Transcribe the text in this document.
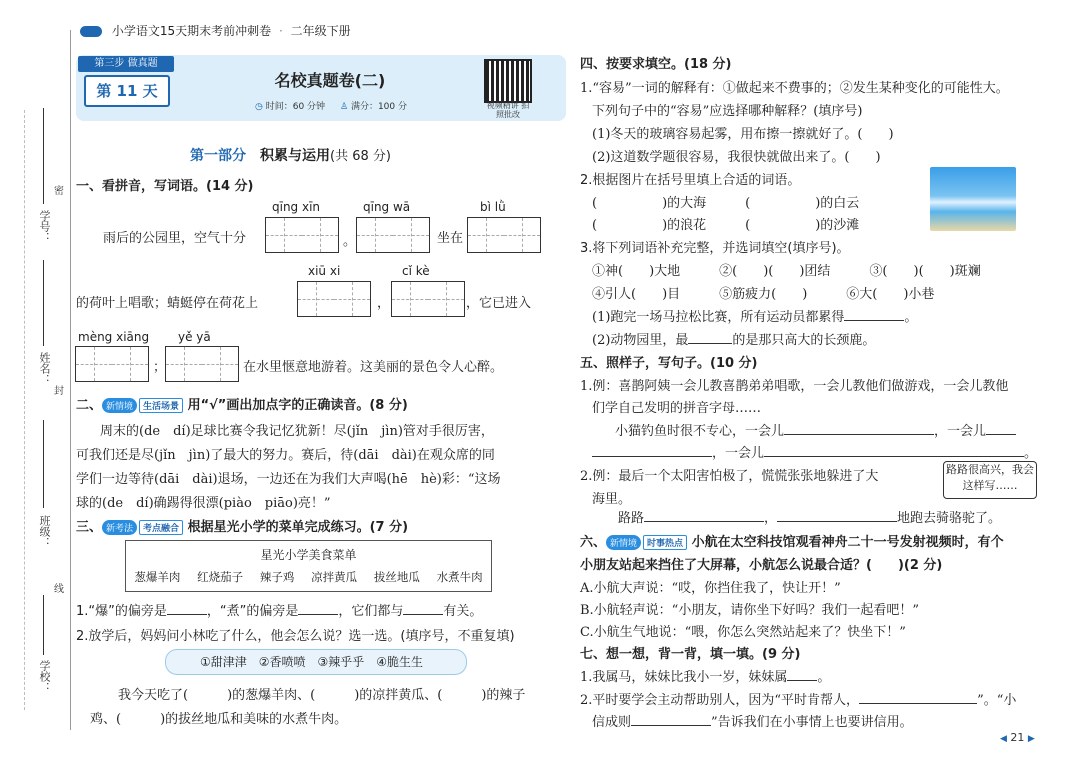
密
封
线
学号：
姓名：
班级：
学校：
小学语文15天期末考前冲刺卷 · 二年级下册
第三步 做真题
第 11 天
名校真题卷(二)
◷ 时间：60 分钟 ♙ 满分：100 分	视频精讲 拍照批改
第一部分 积累与运用(共 68 分)
一、看拼音，写词语。(14 分)
qīng xīn	qīng wā	bì lǜ
雨后的公园里，空气十分	。	坐在
xiū xi	cǐ kè
的荷叶上唱歌；蜻蜓停在荷花上	，	，它已进入
mèng xiāng yě yā
；	在水里惬意地游着。这美丽的景色令人心醉。
二、 新情境 生活场景 用“√”画出加点字的正确读音。(8 分)
周末的(de　dí)足球比赛令我记忆犹新！尽(jǐn　jìn)管对手很厉害，
可我们还是尽(jǐn　jìn)了最大的努力。赛后，待(dāi　dài)在观众席的同
学们一边等待(dāi　dài)退场，一边还在为我们大声喝(hē　hè)彩：“这场
球的(de　dí)确踢得很漂(piào　piāo)亮！”
三、 新考法 考点融合 根据星光小学的菜单完成练习。(7 分)
星光小学美食菜单
葱爆羊肉 红烧茄子 辣子鸡 凉拌黄瓜 拔丝地瓜 水煮牛肉
1.“爆”的偏旁是	，“煮”的偏旁是	，它们都与	有关。
2.放学后，妈妈问小林吃了什么，他会怎么说？选一选。(填序号，不重复填)
①甜津津　②香喷喷　③辣乎乎　④脆生生
我今天吃了(　　　)的葱爆羊肉、(　　　)的凉拌黄瓜、(　　　)的辣子
鸡、(　　　)的拔丝地瓜和美味的水煮牛肉。
四、按要求填空。(18 分)
1.“容易”一词的解释有：①做起来不费事的；②发生某种变化的可能性大。
下列句子中的“容易”应选择哪种解释？(填序号)
(1)冬天的玻璃容易起雾，用布擦一擦就好了。(　　)
(2)这道数学题很容易，我很快就做出来了。(　　)
2.根据图片在括号里填上合适的词语。
(　　　　　)的大海　　　(　　　　　)的白云
(　　　　　)的浪花　　　(　　　　　)的沙滩
3.将下列词语补充完整，并选词填空(填序号)。
①神(　　)大地　　　②(　　)(　　)团结　　　③(　　)(　　)斑斓
④引人(　　)目　　　⑤筋疲力(　　)　　　⑥大(　　)小巷
(1)跑完一场马拉松比赛，所有运动员都累得	。
(2)动物园里，最	的是那只高大的长颈鹿。
五、照样子，写句子。(10 分)
1.例：喜鹊阿姨一会儿教喜鹊弟弟唱歌，一会儿教他们做游戏，一会儿教他
们学自己发明的拼音字母……
小猫钓鱼时很不专心，一会儿	，一会儿
，一会儿	。
2.例：最后一个太阳害怕极了，慌慌张张地躲进了大
海里。
路路很高兴，我会这样写……
路路	，	地跑去骑骆驼了。
六、 新情境 时事热点 小航在太空科技馆观看神舟二十一号发射视频时，有个
小朋友站起来挡住了大屏幕，小航怎么说最合适？(　　)(2 分)
A.小航大声说：“哎，你挡住我了，快让开！”
B.小航轻声说：“小朋友，请你坐下好吗？我们一起看吧！”
C.小航生气地说：“喂，你怎么突然站起来了？快坐下！”
七、想一想，背一背，填一填。(9 分)
1.我属马，妹妹比我小一岁，妹妹属 。
2.平时要学会主动帮助别人，因为“平时肯帮人，	”。“小
信成则	”告诉我们在小事情上也要讲信用。
◀ 21 ▶
